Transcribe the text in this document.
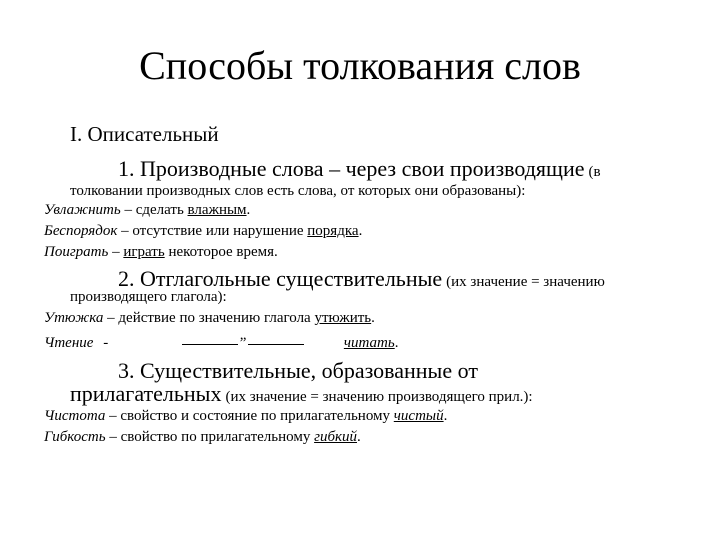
Способы толкования слов
I. Описательный
1. Производные слова – через свои производящие (в
толковании производных слов есть слова, от которых они образованы):
Увлажнить – сделать влажным.
Беспорядок – отсутствие или нарушение порядка.
Поиграть – играть некоторое время.
2. Отглагольные существительные (их значение = значению
производящего глагола):
Утюжка – действие по значению глагола утюжить.
Чтение -	”	читать.
3. Существительные, образованные от
прилагательных (их значение = значению производящего прил.):
Чистота – свойство и состояние по прилагательному чистый.
Гибкость – свойство по прилагательному гибкий.
